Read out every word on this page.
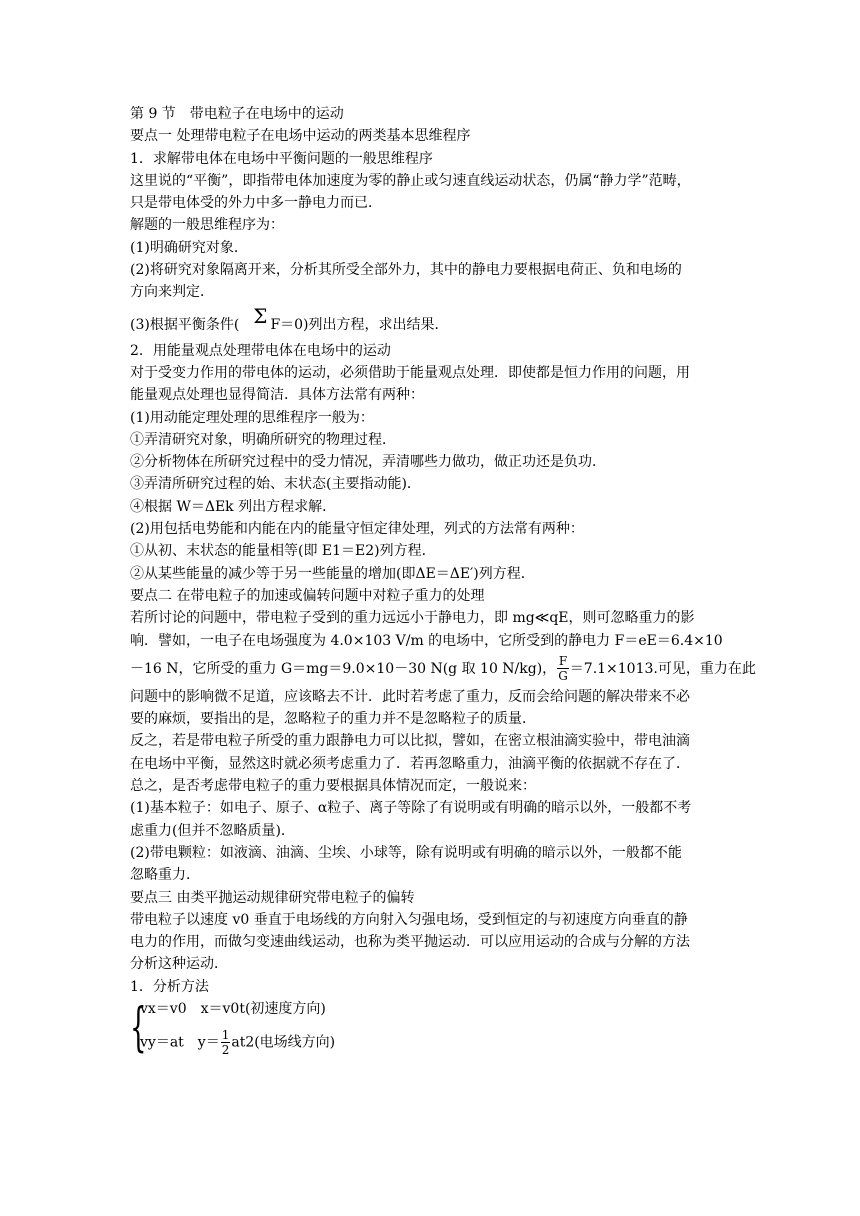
第 9 节　带电粒子在电场中的运动
要点一 处理带电粒子在电场中运动的两类基本思维程序
1．求解带电体在电场中平衡问题的一般思维程序
这里说的“平衡”，即指带电体加速度为零的静止或匀速直线运动状态，仍属“静力学”范畴，
只是带电体受的外力中多一静电力而已．
解题的一般思维程序为：
(1)明确研究对象．
(2)将研究对象隔离开来，分析其所受全部外力，其中的静电力要根据电荷正、负和电场的
方向来判定．
(3)根据平衡条件( Σ F＝0)列出方程，求出结果．
2．用能量观点处理带电体在电场中的运动
对于受变力作用的带电体的运动，必须借助于能量观点处理．即使都是恒力作用的问题，用
能量观点处理也显得简洁．具体方法常有两种：
(1)用动能定理处理的思维程序一般为：
①弄清研究对象，明确所研究的物理过程．
②分析物体在所研究过程中的受力情况，弄清哪些力做功，做正功还是负功．
③弄清所研究过程的始、末状态(主要指动能)．
④根据 W＝ΔEk 列出方程求解．
(2)用包括电势能和内能在内的能量守恒定律处理，列式的方法常有两种：
①从初、末状态的能量相等(即 E1＝E2)列方程．
②从某些能量的减少等于另一些能量的增加(即ΔE＝ΔE′)列方程．
要点二 在带电粒子的加速或偏转问题中对粒子重力的处理
若所讨论的问题中，带电粒子受到的重力远远小于静电力，即 mg≪qE，则可忽略重力的影
响．譬如，一电子在电场强度为 4.0×103 V/m 的电场中，它所受到的静电力 F＝eE＝6.4×10
－16 N，它所受的重力 G＝mg＝9.0×10－30 N(g 取 10 N/kg)， $\frac{F}{G} =7.1\times 1013$.可见，重力在此
问题中的影响微不足道，应该略去不计．此时若考虑了重力，反而会给问题的解决带来不必
要的麻烦，要指出的是，忽略粒子的重力并不是忽略粒子的质量．
反之，若是带电粒子所受的重力跟静电力可以比拟，譬如，在密立根油滴实验中，带电油滴
在电场中平衡，显然这时就必须考虑重力了．若再忽略重力，油滴平衡的依据就不存在了．
总之，是否考虑带电粒子的重力要根据具体情况而定，一般说来：
(1)基本粒子：如电子、原子、α粒子、离子等除了有说明或有明确的暗示以外，一般都不考
虑重力(但并不忽略质量)．
(2)带电颗粒：如液滴、油滴、尘埃、小球等，除有说明或有明确的暗示以外，一般都不能
忽略重力．
要点三 由类平抛运动规律研究带电粒子的偏转
带电粒子以速度 v0 垂直于电场线的方向射入匀强电场，受到恒定的与初速度方向垂直的静
电力的作用，而做匀变速曲线运动，也称为类平抛运动．可以应用运动的合成与分解的方法
分析这种运动．
1．分析方法
{
vx＝v0　x＝v0t(初速度方向)
vy＝at　$y= \frac{1}{2} at2$(电场线方向)
